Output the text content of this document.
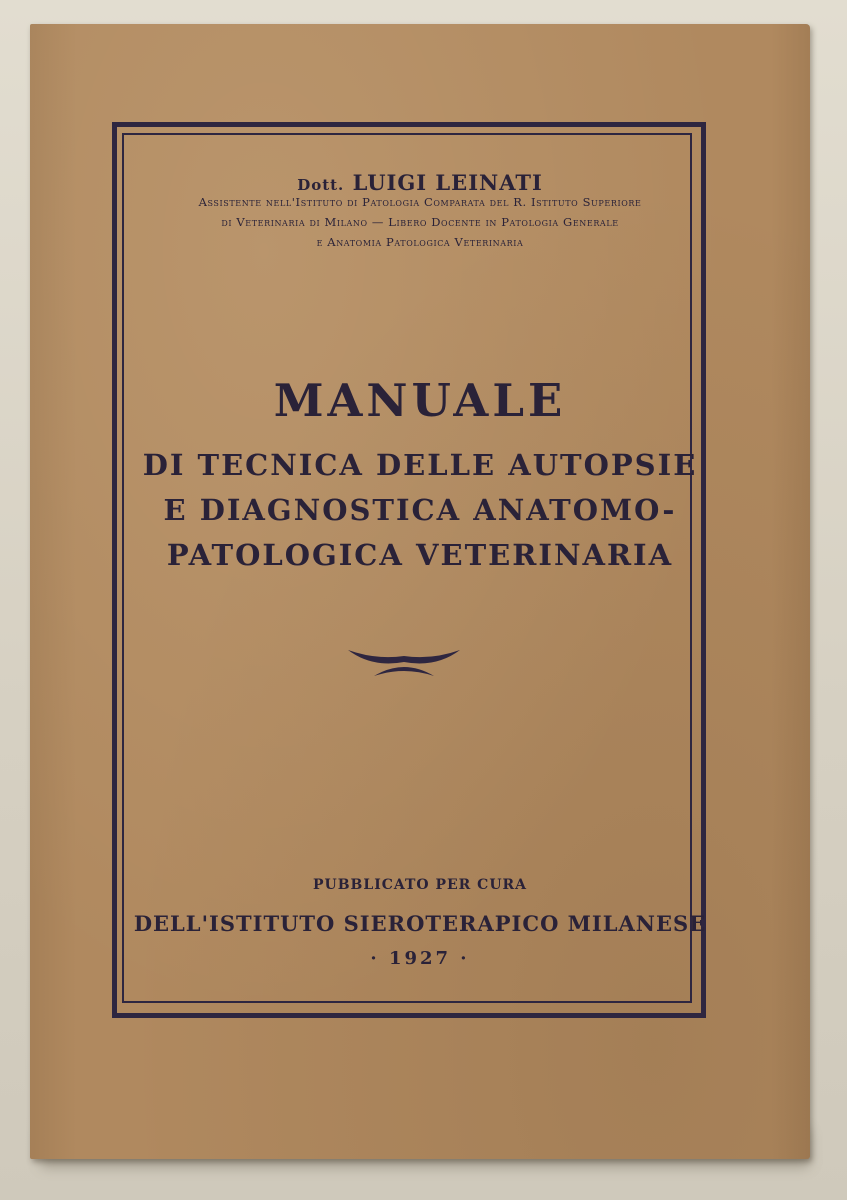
Dott. LUIGI LEINATI
Assistente nell'Istituto di Patologia Comparata del R. Istituto Superiore
di Veterinaria di Milano — Libero Docente in Patologia Generale
e Anatomia Patologica Veterinaria
MANUALE
DI TECNICA DELLE AUTOPSIE
E DIAGNOSTICA ANATOMO-
PATOLOGICA VETERINARIA
PUBBLICATO PER CURA
DELL'ISTITUTO SIEROTERAPICO MILANESE
· 1927 ·
